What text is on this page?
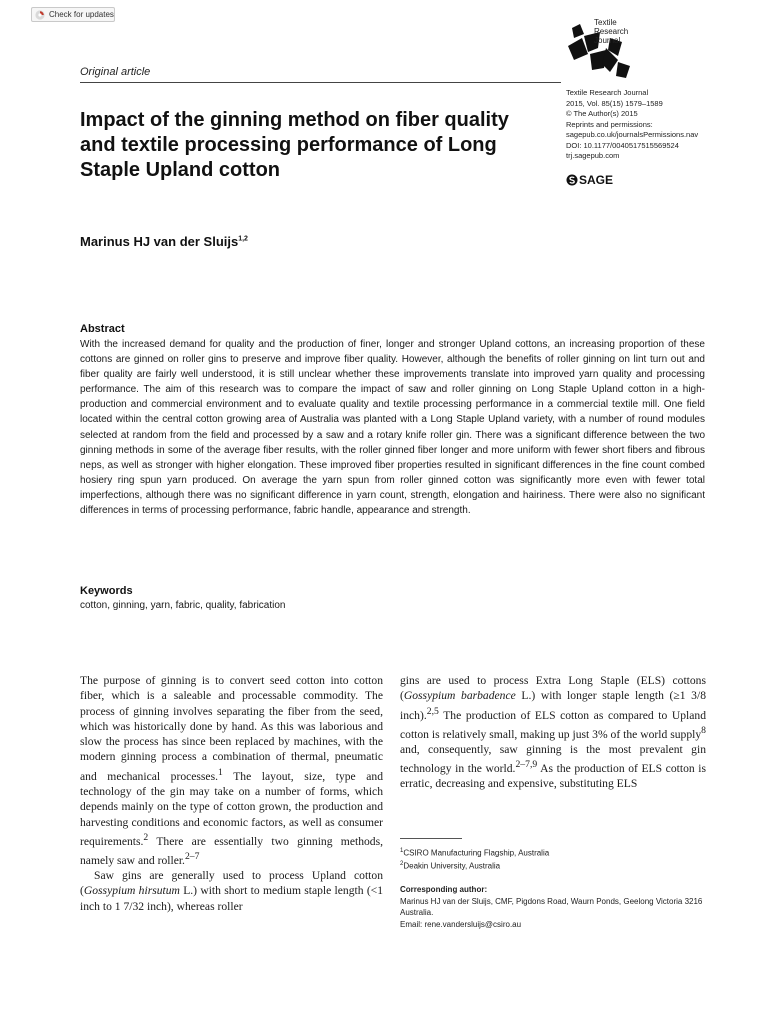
Check for updates
Original article
Impact of the ginning method on fiber quality and textile processing performance of Long Staple Upland cotton
Marinus HJ van der Sluijs$^{1,2}$
Textile
Research
Journal
Textile Research Journal
2015, Vol. 85(15) 1579–1589
© The Author(s) 2015
Reprints and permissions:
sagepub.co.uk/journalsPermissions.nav
DOI: 10.1177/0040517515569524
trj.sagepub.com
SAGE
Abstract

With the increased demand for quality and the production of finer, longer and stronger Upland cottons, an increasing proportion of these cottons are ginned on roller gins to preserve and improve fiber quality. However, although the benefits of roller ginning on lint turn out and fiber quality are fairly well understood, it is still unclear whether these improvements translate into improved yarn quality and processing performance. The aim of this research was to compare the impact of saw and roller ginning on Long Staple Upland cotton in a high-production and commercial environment and to evaluate quality and textile processing performance in a commercial textile mill. One field located within the central cotton growing area of Australia was planted with a Long Staple Upland variety, with a number of round modules selected at random from the field and processed by a saw and a rotary knife roller gin. There was a significant difference between the two ginning methods in some of the average fiber results, with the roller ginned fiber longer and more uniform with fewer short fibers and fibrous neps, as well as stronger with higher elongation. These improved fiber properties resulted in significant differences in the fine count combed hosiery ring spun yarn produced. On average the yarn spun from roller ginned cotton was significantly more even with fewer total imperfections, although there was no significant difference in yarn count, strength, elongation and hairiness. There were also no significant differences in terms of processing performance, fabric handle, appearance and strength.

Keywords
cotton, ginning, yarn, fabric, quality, fabrication

The purpose of ginning is to convert seed cotton into cotton fiber, which is a saleable and processable commodity. The process of ginning involves separating the fiber from the seed, which was historically done by hand. As this was laborious and slow the process has since been replaced by machines, with the modern ginning process a combination of thermal, pneumatic and mechanical processes.$^1$ The layout, size, type and technology of the gin may take on a number of forms, which depends mainly on the type of cotton grown, the production and harvesting conditions and economic factors, as well as consumer requirements.$^2$ There are essentially two ginning methods, namely saw and roller.$^{2-7}$

Saw gins are generally used to process Upland cotton (Gossypium hirsutum L.) with short to medium staple length (<1 inch to 1 7/32 inch), whereas roller

gins are used to process Extra Long Staple (ELS) cottons (Gossypium barbadence L.) with longer staple length (≥1 3/8 inch).$^{2,5}$ The production of ELS cotton as compared to Upland cotton is relatively small, making up just 3% of the world supply$^8$ and, consequently, saw ginning is the most prevalent gin technology in the world.$^{2-7,9}$ As the production of ELS cotton is erratic, decreasing and expensive, substituting ELS

$^1$CSIRO Manufacturing Flagship, Australia
$^2$Deakin University, Australia
Corresponding author:
Marinus HJ van der Sluijs, CMF, Pigdons Road, Waurn Ponds, Geelong Victoria 3216 Australia.
Email: rene.vandersluijs@csiro.au
